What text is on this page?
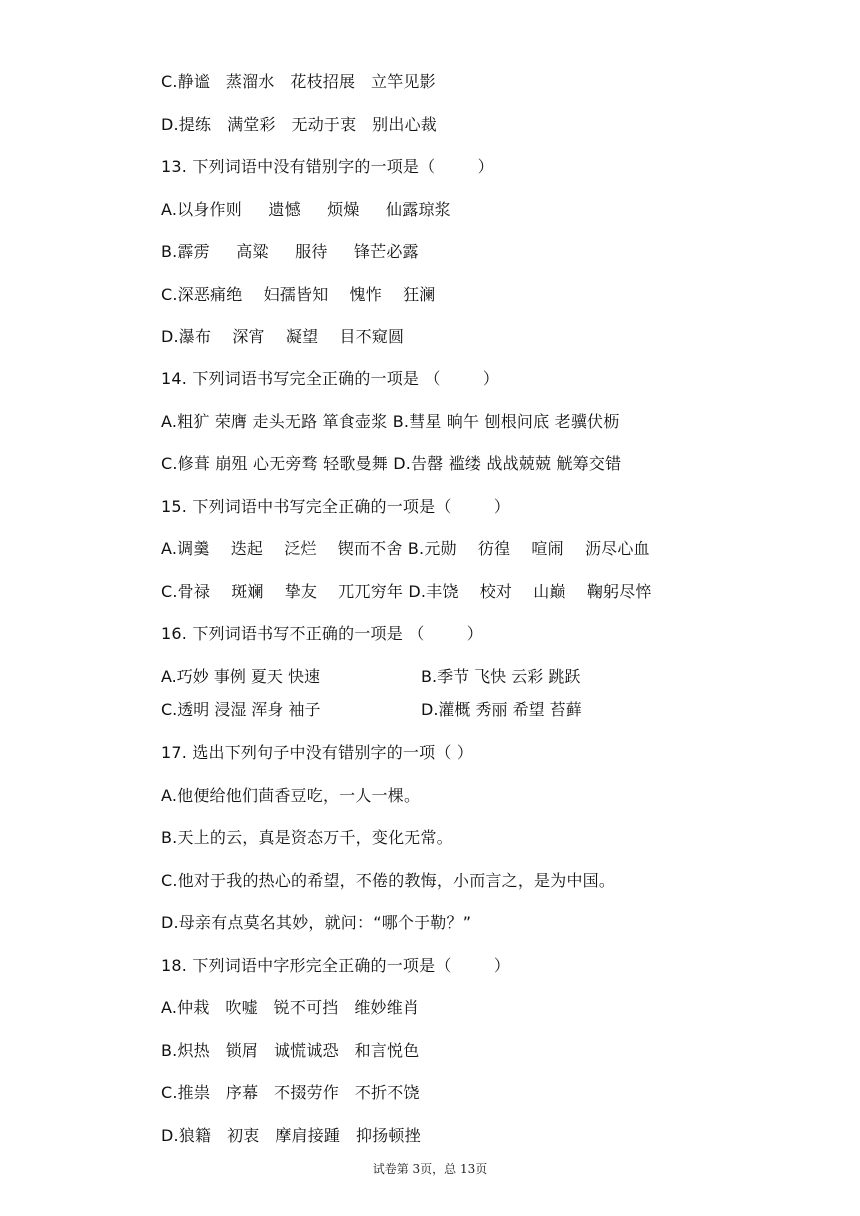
C.静谧   蒸溜水   花枝招展   立竿见影
D.提练   满堂彩   无动于衷   别出心裁
13. 下列词语中没有错别字的一项是（        ）
A.以身作则     遗憾     烦燥     仙露琼浆
B.霹雳     高粱     服待     锋芒必露
C.深恶痛绝    妇孺皆知    愧怍    狂澜
D.瀑布    深宵    凝望    目不窥圆
14. 下列词语书写完全正确的一项是 （        ）
A.粗犷 荣膺 走头无路 箪食壶浆 B.彗星 晌午 刨根问底 老骥伏枥
C.修葺 崩殂 心无旁骛 轻歌曼舞 D.告罄 褴缕 战战兢兢 觥筹交错
15. 下列词语中书写完全正确的一项是（        ）
A.调羹    迭起    泛烂    锲而不舍 B.元勋    彷徨    喧闹    沥尽心血
C.骨禄    斑斓    挚友    兀兀穷年 D.丰饶    校对    山巅    鞠躬尽悴
16. 下列词语书写不正确的一项是 （        ）
A.巧妙 事例 夏天 快速	B.季节 飞快 云彩 跳跃
C.透明 浸湿 浑身 袖子	D.灌概 秀丽 希望 苔藓
17. 选出下列句子中没有错别字的一项（ ）
A.他便给他们茴香豆吃，一人一棵。
B.天上的云，真是资态万千，变化无常。
C.他对于我的热心的希望，不倦的教悔，小而言之，是为中国。
D.母亲有点莫名其妙，就问：“哪个于勒？”
18. 下列词语中字形完全正确的一项是（        ）
A.仲栽   吹嘘   锐不可挡   维妙维肖
B.炽热   锁屑   诚慌诚恐   和言悦色
C.推祟   序幕   不掇劳作   不折不饶
D.狼籍   初衷   摩肩接踵   抑扬顿挫
试卷第 3页，总 13页
